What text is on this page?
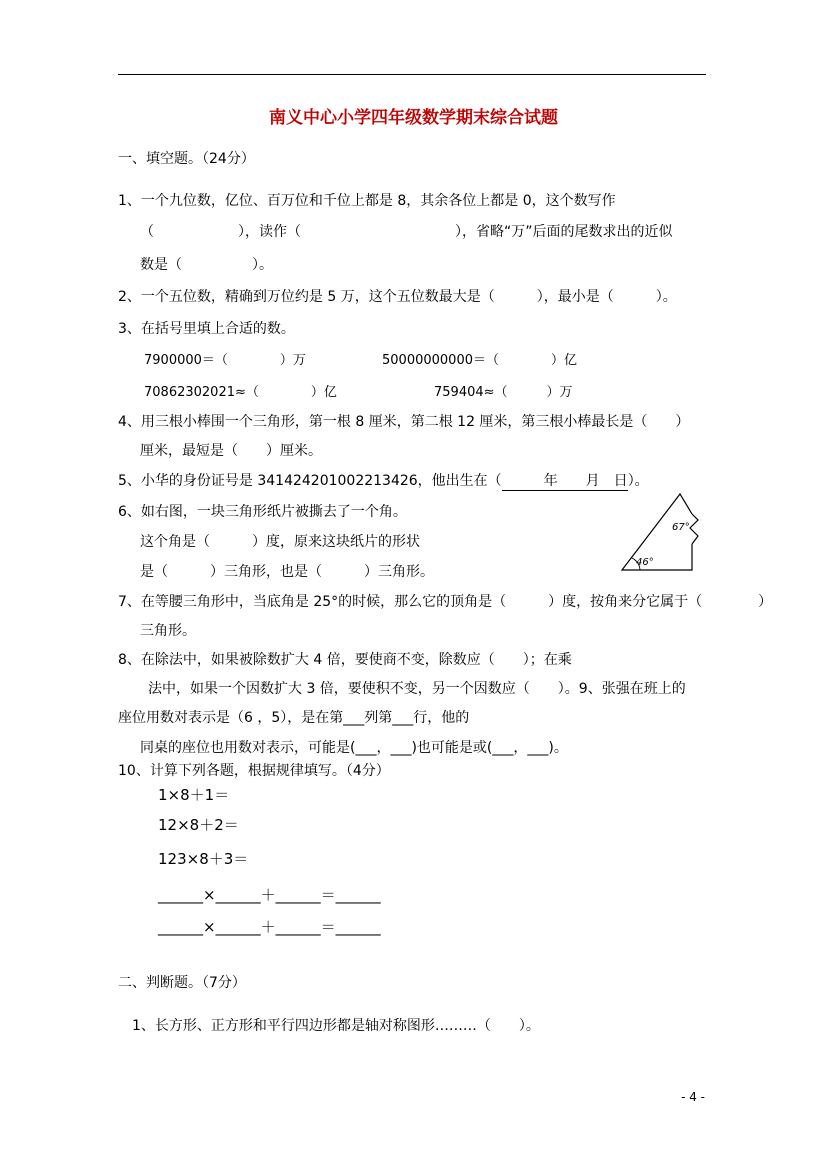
南义中心小学四年级数学期末综合试题
一、填空题。（24分）
1、一个九位数，亿位、百万位和千位上都是 8，其余各位上都是 0，这个数写作
（　　　　　　），读作（　　　　　　　　　　　），省略“万”后面的尾数求出的近似
数是（　　　　　）。
2、一个五位数，精确到万位约是 5 万，这个五位数最大是（　　　），最小是（　　　）。
3、在括号里填上合适的数。
7900000＝（　　　　）万	50000000000＝（　　　　）亿
70862302021≈（　　　　）亿	759404≈（　　　）万
4、用三根小棒围一个三角形，第一根 8 厘米，第二根 12 厘米，第三根小棒最长是（　　）
厘米，最短是（　　）厘米。
5、小华的身份证号是 341424201002213426，他出生在（　　　年　　月　日）。
6、如右图，一块三角形纸片被撕去了一个角。
这个角是（　　　）度，原来这块纸片的形状
是（　　　）三角形，也是（　　　）三角形。
67°
46°
7、在等腰三角形中，当底角是 25°的时候，那么它的顶角是（　　　）度，按角来分它属于（　　　　）
三角形。
8、在除法中，如果被除数扩大 4 倍，要使商不变，除数应（　　）；在乘
法中，如果一个因数扩大 3 倍，要使积不变，另一个因数应（　　）。9、张强在班上的
座位用数对表示是（6 ，5），是在第___列第___行，他的
同桌的座位也用数对表示，可能是(___，___)也可能是或(___，___)。
10、计算下列各题，根据规律填写。（4分）
1×8＋1＝
12×8＋2＝
123×8＋3＝
______×______＋______＝______
______×______＋______＝______
二、判断题。（7分）
1、长方形、正方形和平行四边形都是轴对称图形………（　　）。
- 4 -
